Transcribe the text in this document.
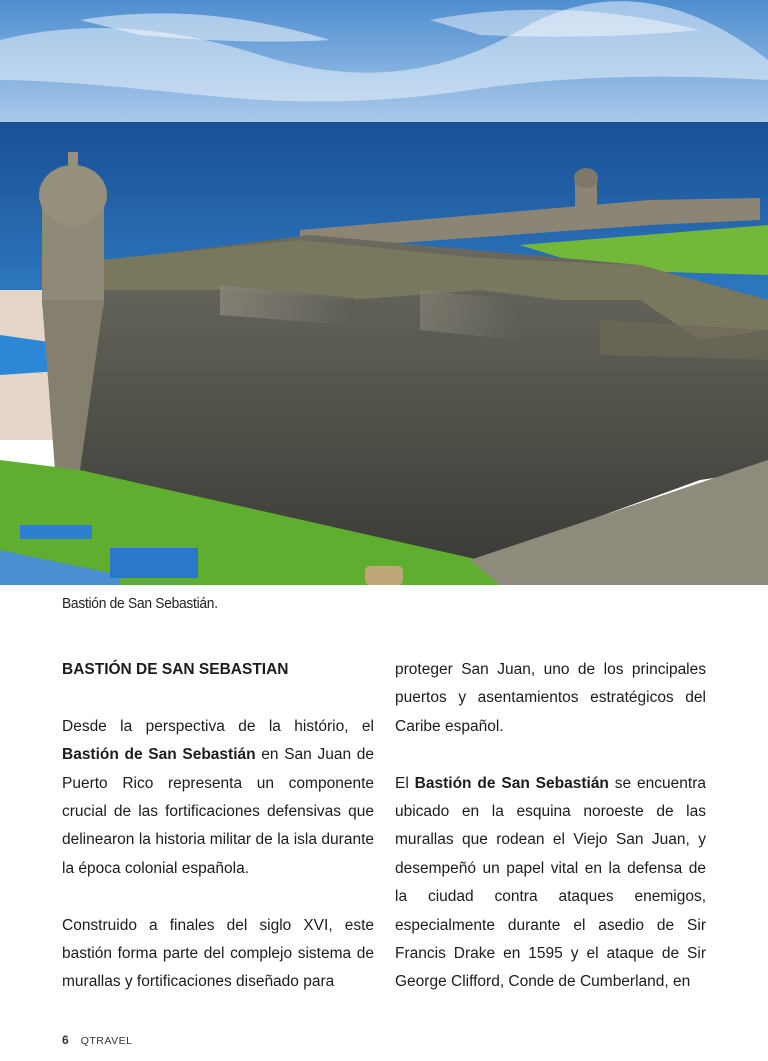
Bastión de San Sebastián.

BASTIÓN DE SAN SEBASTIAN

Desde la perspectiva de la histório, el Bastión de San Sebastián en San Juan de Puerto Rico representa un componente crucial de las fortificaciones defensivas que delinearon la historia militar de la isla durante la época colonial española.

Construido a finales del siglo XVI, este bastión forma parte del complejo sistema de murallas y fortificaciones diseñado para

proteger San Juan, uno de los principales puertos y asentamientos estratégicos del Caribe español.

El Bastión de San Sebastián se encuentra ubicado en la esquina noroeste de las murallas que rodean el Viejo San Juan, y desempeñó un papel vital en la defensa de la ciudad contra ataques enemigos, especialmente durante el asedio de Sir Francis Drake en 1595 y el ataque de Sir George Clifford, Conde de Cumberland, en

6 QTRAVEL
